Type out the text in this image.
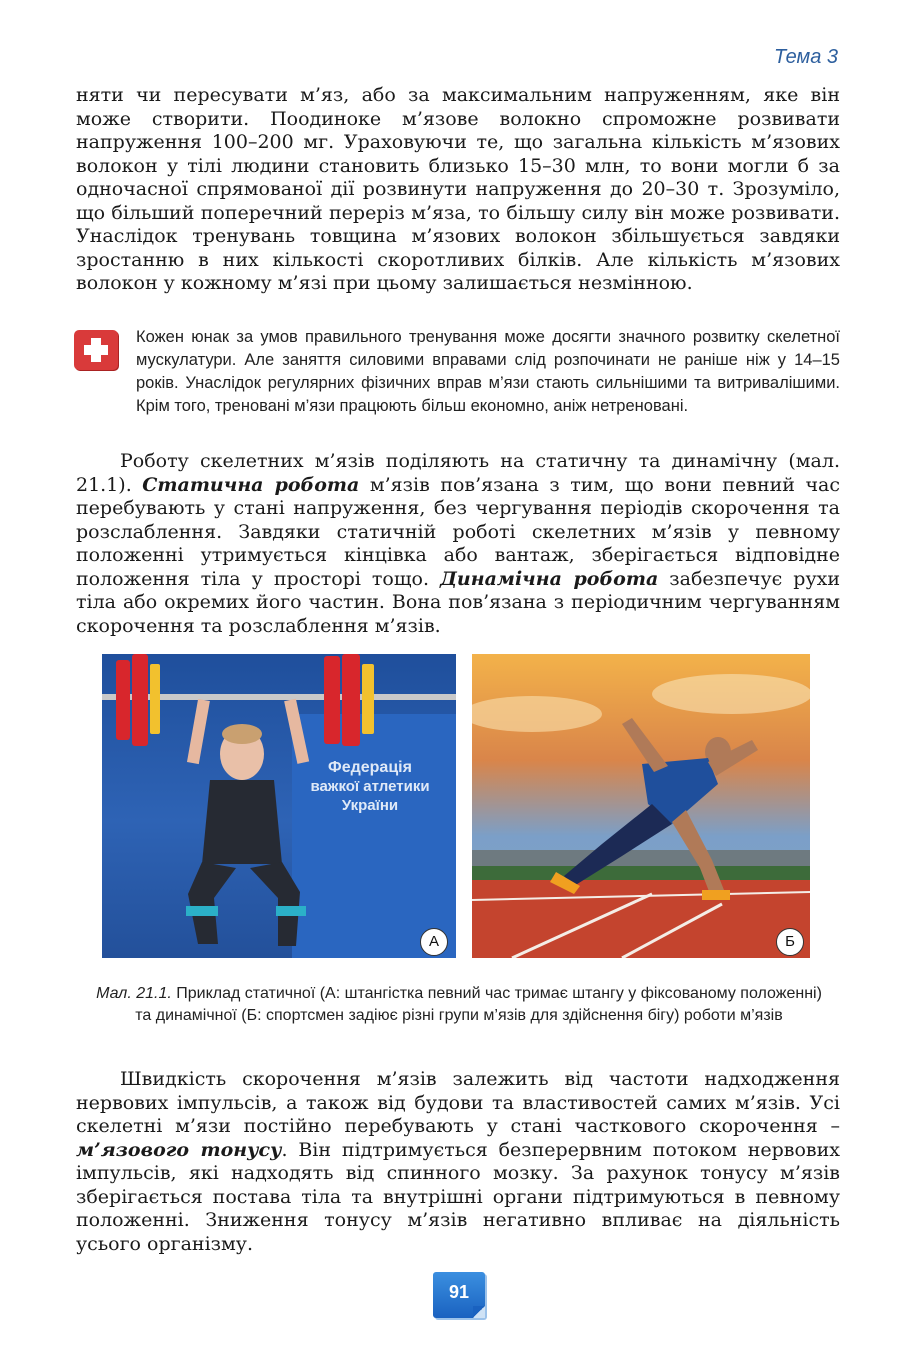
Тема 3

няти чи пересувати м’яз, або за максимальним напруженням, яке він може створити. Поодиноке м’язове волокно спроможне розвивати напруження 100–200 мг. Ураховуючи те, що загальна кількість м’язових волокон у тілі людини становить близько 15–30 млн, то вони могли б за одночасної спрямованої дії розвинути напруження до 20–30 т. Зрозуміло, що більший поперечний переріз м’яза, то більшу силу він може розвивати. Унаслідок тренувань товщина м’язових волокон збільшується завдяки зростанню в них кількості скоротливих білків. Але кількість м’язових волокон у кожному м’язі при цьому залишається незмінною.

Кожен юнак за умов правильного тренування може досягти значного розвитку скелетної мускулатури. Але заняття силовими вправами слід розпочинати не раніше ніж у 14–15 років. Унаслідок регулярних фізичних вправ м’язи стають сильнішими та витривалішими. Крім того, треновані м’язи працюють більш економно, аніж нетреновані.

Роботу скелетних м’язів поділяють на статичну та динамічну (мал. 21.1). Статична робота м’язів пов’язана з тим, що вони певний час перебувають у стані напруження, без чергування періодів скорочення та розслаблення. Завдяки статичній роботі скелетних м’язів у певному положенні утримується кінцівка або вантаж, зберігається відповідне положення тіла у просторі тощо. Динамічна робота забезпечує рухи тіла або окремих його частин. Вона пов’язана з періодичним чергуванням скорочення та розслаблення м’язів.

Федерація
важкої атлетики
України
А	Б

Мал. 21.1. Приклад статичної (А: штангістка певний час тримає штангу у фіксованому положенні) та динамічної (Б: спортсмен задіює різні групи м’язів для здійснення бігу) роботи м’язів

Швидкість скорочення м’язів залежить від частоти надходження нервових імпульсів, а також від будови та властивостей самих м’язів. Усі скелетні м’язи постійно перебувають у стані часткового скорочення – м’язового тонусу. Він підтримується безперервним потоком нервових імпульсів, які надходять від спинного мозку. За рахунок тонусу м’язів зберігається постава тіла та внутрішні органи підтримуються в певному положенні. Зниження тонусу м’язів негативно впливає на діяльність усього організму.

91
